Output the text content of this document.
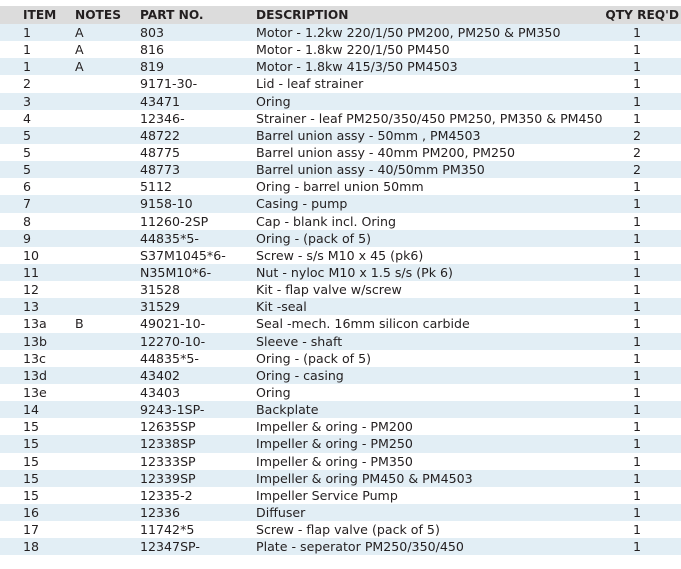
ITEM	NOTES	PART NO.	DESCRIPTION	QTY REQ'D
1	A	803	Motor - 1.2kw 220/1/50 PM200, PM250 & PM350	1
1	A	816	Motor - 1.8kw 220/1/50 PM450	1
1	A	819	Motor - 1.8kw 415/3/50 PM4503	1
2		9171-30-	Lid - leaf strainer	1
3		43471	Oring	1
4		12346-	Strainer - leaf PM250/350/450 PM250, PM350 & PM450	1
5		48722	Barrel union assy - 50mm , PM4503	2
5		48775	Barrel union assy - 40mm PM200, PM250	2
5		48773	Barrel union assy - 40/50mm PM350	2
6		5112	Oring - barrel union 50mm	1
7		9158-10	Casing - pump	1
8		11260-2SP	Cap - blank incl. Oring	1
9		44835*5-	Oring - (pack of 5)	1
10		S37M1045*6-	Screw - s/s M10 x 45 (pk6)	1
11		N35M10*6-	Nut - nyloc M10 x 1.5 s/s (Pk 6)	1
12		31528	Kit - flap valve w/screw	1
13		31529	Kit -seal	1
13a	B	49021-10-	Seal -mech. 16mm silicon carbide	1
13b		12270-10-	Sleeve - shaft	1
13c		44835*5-	Oring - (pack of 5)	1
13d		43402	Oring - casing	1
13e		43403	Oring	1
14		9243-1SP-	Backplate	1
15		12635SP	Impeller & oring - PM200	1
15		12338SP	Impeller & oring - PM250	1
15		12333SP	Impeller & oring - PM350	1
15		12339SP	Impeller & oring PM450 & PM4503	1
15		12335-2	Impeller Service Pump	1
16		12336	Diffuser	1
17		11742*5	Screw - flap valve (pack of 5)	1
18		12347SP-	Plate - seperator PM250/350/450	1
